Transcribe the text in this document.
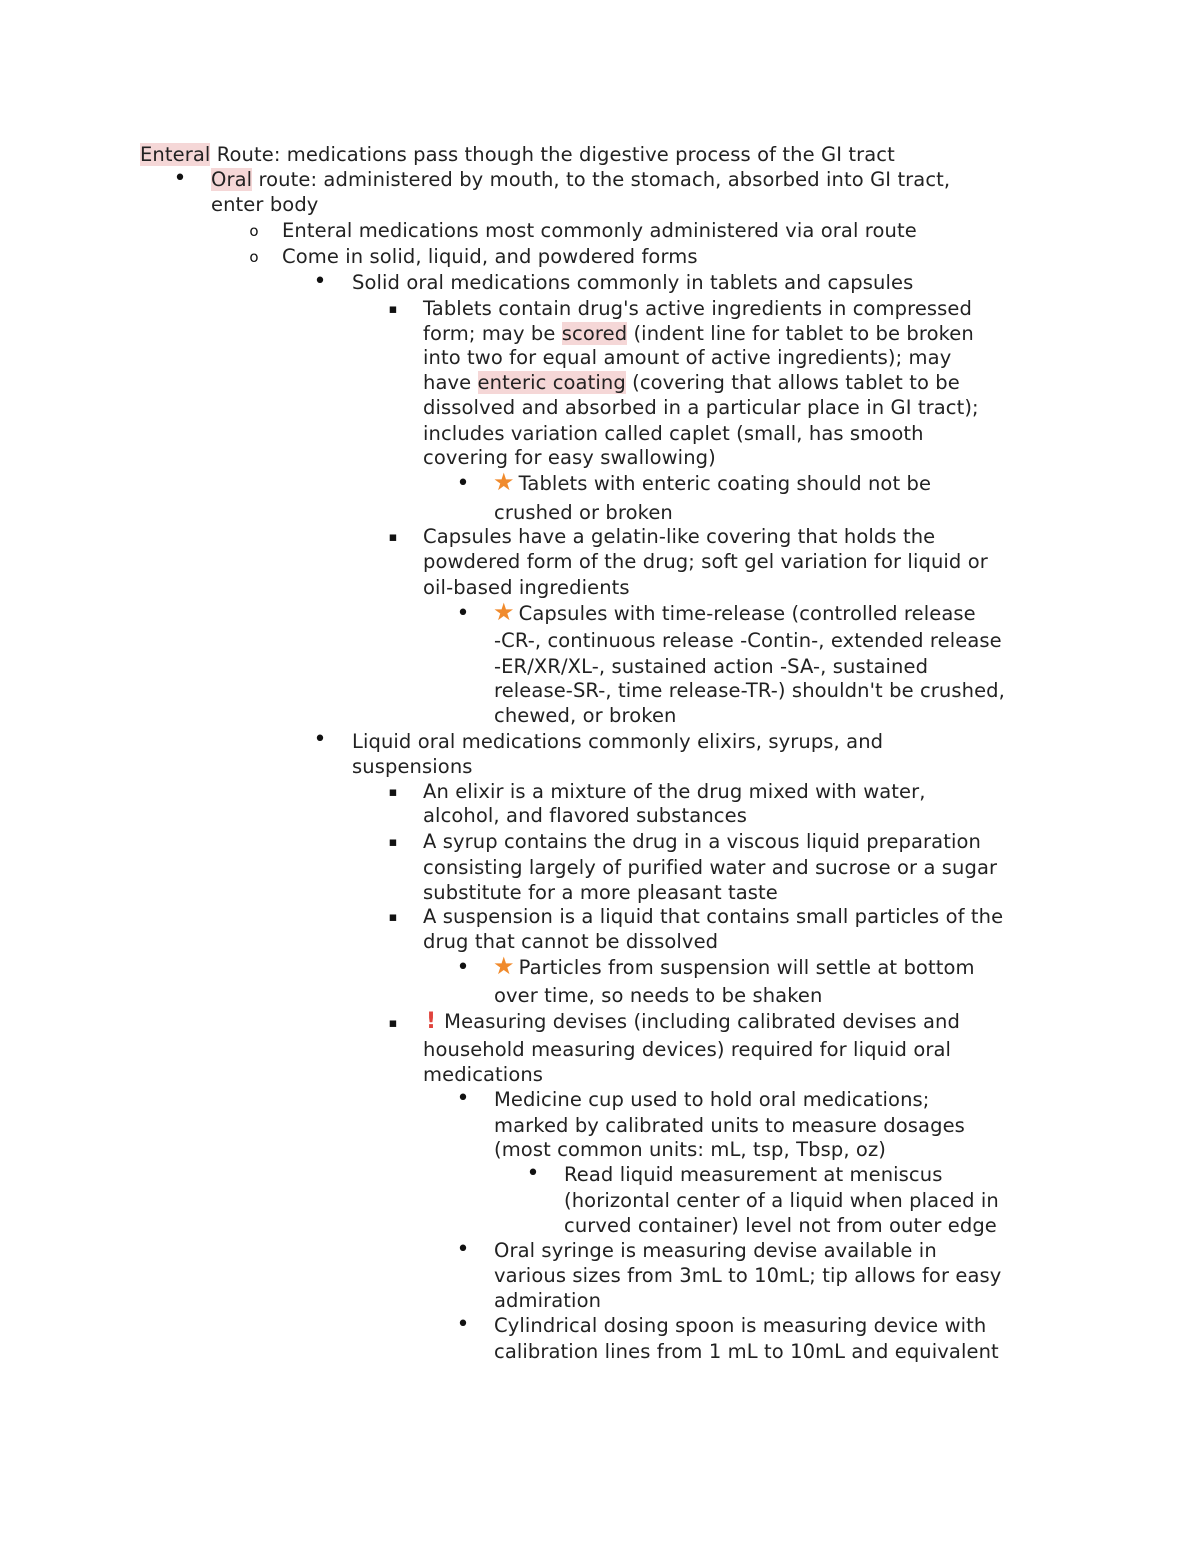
Enteral Route: medications pass though the digestive process of the GI tract
•
Oral route: administered by mouth, to the stomach, absorbed into GI tract,
enter body
o
Enteral medications most commonly administered via oral route
o
Come in solid, liquid, and powdered forms
•
Solid oral medications commonly in tablets and capsules
▪
Tablets contain drug's active ingredients in compressed
form; may be scored (indent line for tablet to be broken
into two for equal amount of active ingredients); may
have enteric coating (covering that allows tablet to be
dissolved and absorbed in a particular place in GI tract);
includes variation called caplet (small, has smooth
covering for easy swallowing)
•
★ Tablets with enteric coating should not be
crushed or broken
▪
Capsules have a gelatin-like covering that holds the
powdered form of the drug; soft gel variation for liquid or
oil-based ingredients
•
★ Capsules with time-release (controlled release
-CR-, continuous release -Contin-, extended release
-ER/XR/XL-, sustained action -SA-, sustained
release-SR-, time release-TR-) shouldn't be crushed,
chewed, or broken
•
Liquid oral medications commonly elixirs, syrups, and
suspensions
▪
An elixir is a mixture of the drug mixed with water,
alcohol, and flavored substances
▪
A syrup contains the drug in a viscous liquid preparation
consisting largely of purified water and sucrose or a sugar
substitute for a more pleasant taste
▪
A suspension is a liquid that contains small particles of the
drug that cannot be dissolved
•
★ Particles from suspension will settle at bottom
over time, so needs to be shaken
▪
! Measuring devises (including calibrated devises and
household measuring devices) required for liquid oral
medications
•
Medicine cup used to hold oral medications;
marked by calibrated units to measure dosages
(most common units: mL, tsp, Tbsp, oz)
•
Read liquid measurement at meniscus
(horizontal center of a liquid when placed in
curved container) level not from outer edge
•
Oral syringe is measuring devise available in
various sizes from 3mL to 10mL; tip allows for easy
admiration
•
Cylindrical dosing spoon is measuring device with
calibration lines from 1 mL to 10mL and equivalent
